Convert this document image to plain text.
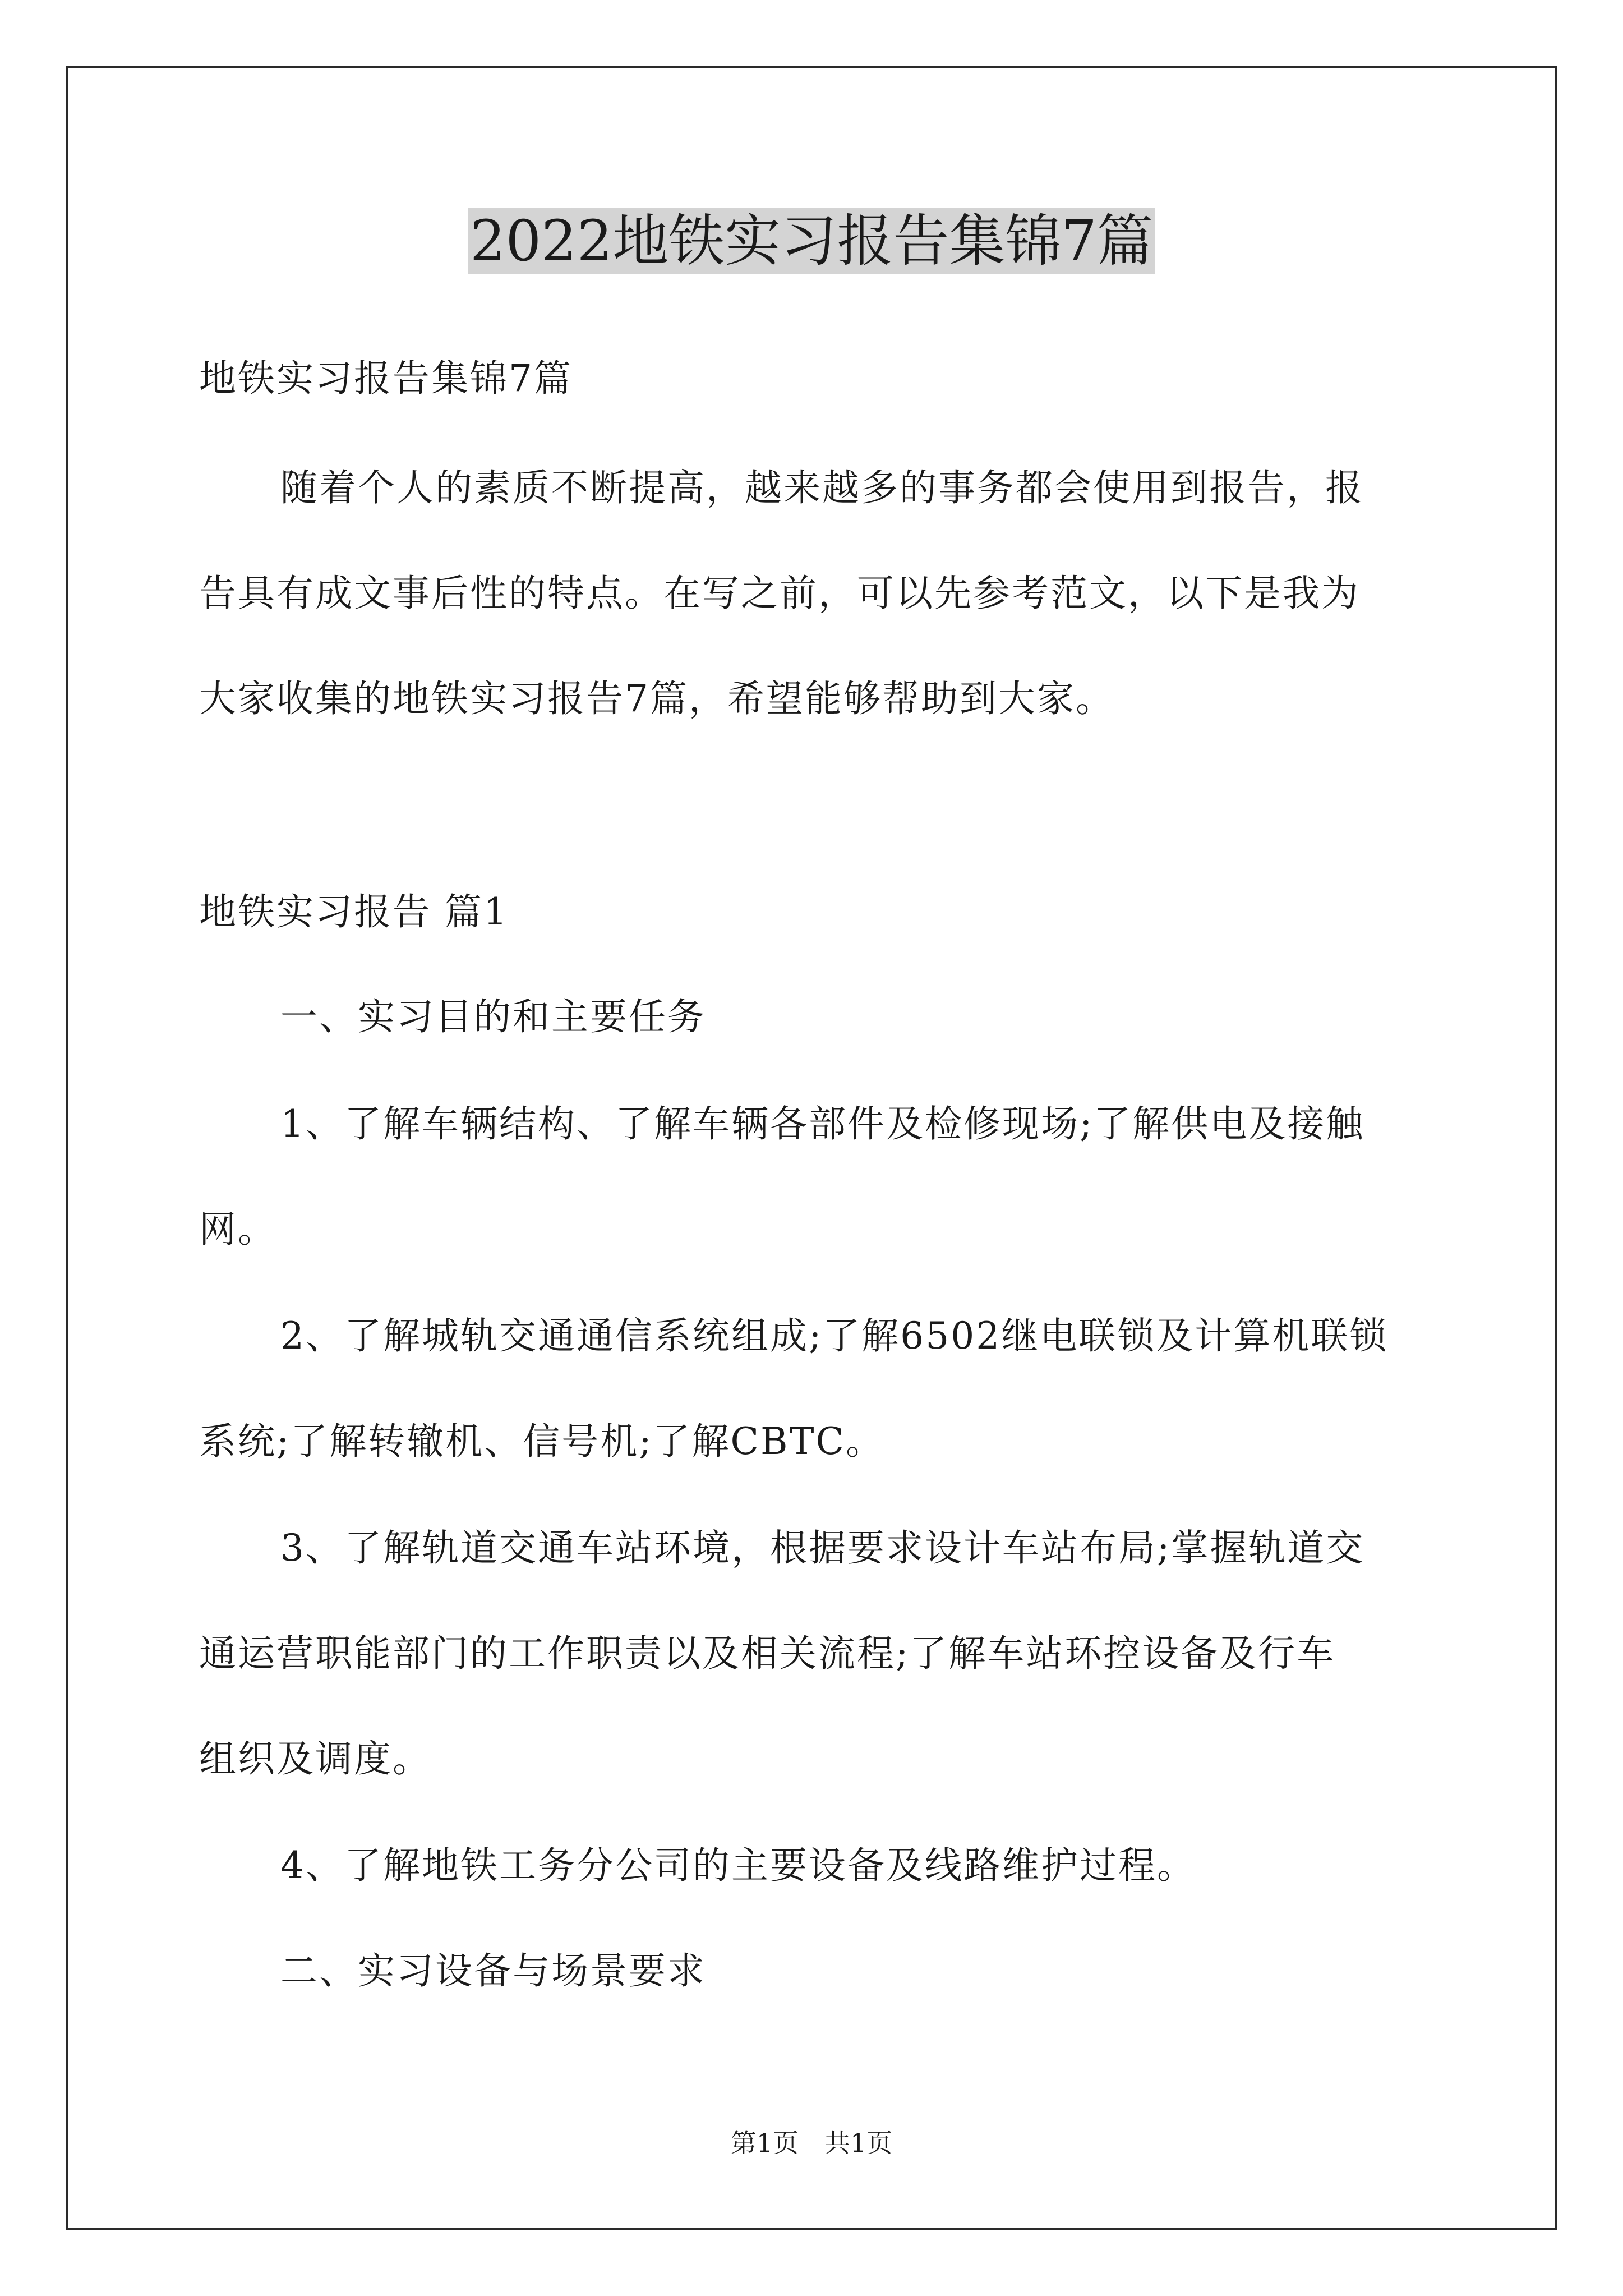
2022地铁实习报告集锦7篇
地铁实习报告集锦7篇
随着个人的素质不断提高，越来越多的事务都会使用到报告，报
告具有成文事后性的特点。在写之前，可以先参考范文，以下是我为
大家收集的地铁实习报告7篇，希望能够帮助到大家。
地铁实习报告 篇1
一、实习目的和主要任务
1、了解车辆结构、了解车辆各部件及检修现场;了解供电及接触
网。
2、了解城轨交通通信系统组成;了解6502继电联锁及计算机联锁
系统;了解转辙机、信号机;了解CBTC。
3、了解轨道交通车站环境，根据要求设计车站布局;掌握轨道交
通运营职能部门的工作职责以及相关流程;了解车站环控设备及行车
组织及调度。
4、了解地铁工务分公司的主要设备及线路维护过程。
二、实习设备与场景要求
第1页　共1页
